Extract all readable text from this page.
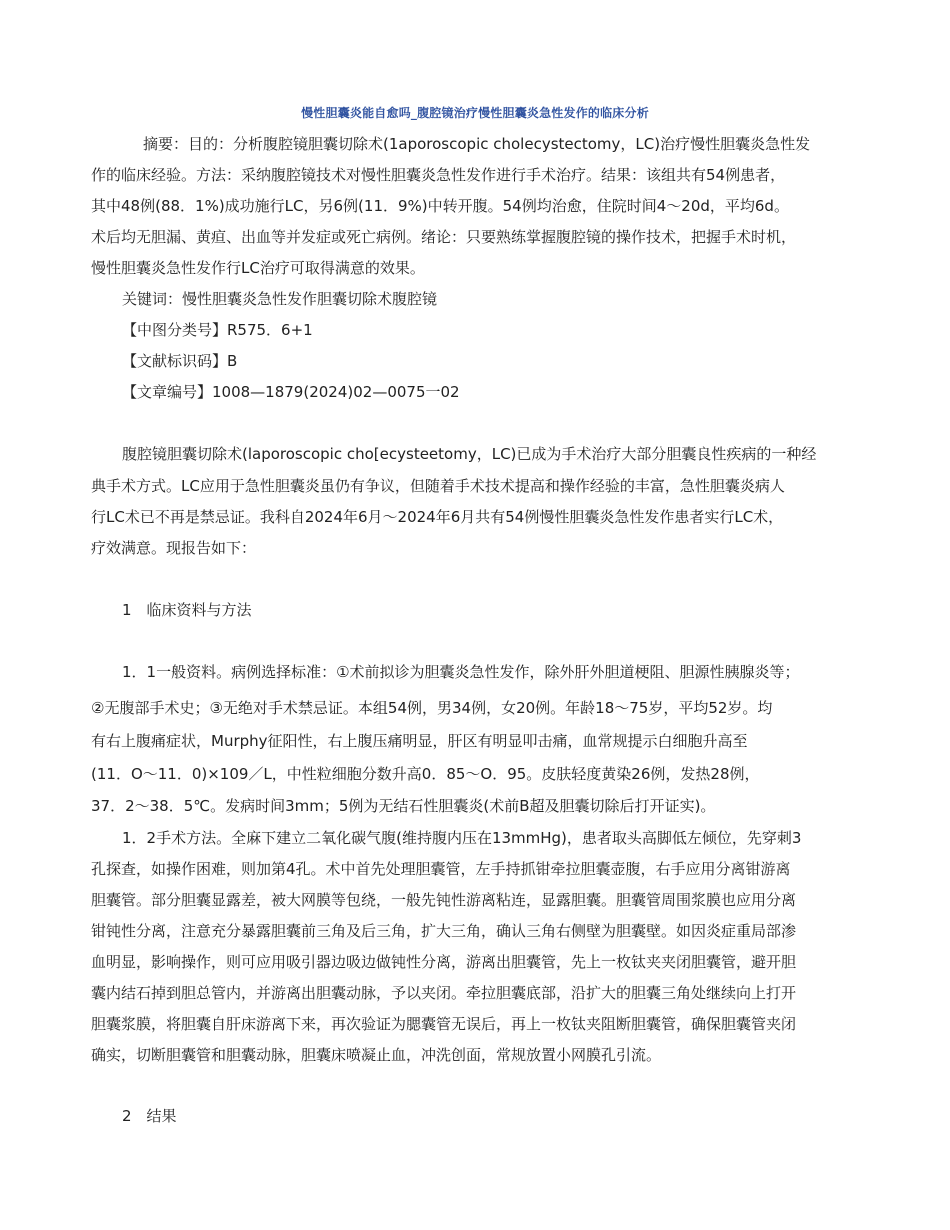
慢性胆囊炎能自愈吗_腹腔镜治疗慢性胆囊炎急性发作的临床分析
摘要：目的：分析腹腔镜胆囊切除术(1aporoscopic cholecystectomy，LC)治疗慢性胆囊炎急性发
作的临床经验。方法：采纳腹腔镜技术对慢性胆囊炎急性发作进行手术治疗。结果：该组共有54例患者，
其中48例(88．1%)成功施行LC，另6例(11．9%)中转开腹。54例均治愈，住院时间4～20d，平均6d。
术后均无胆漏、黄疸、出血等并发症或死亡病例。绪论：只要熟练掌握腹腔镜的操作技术，把握手术时机，
慢性胆囊炎急性发作行LC治疗可取得满意的效果。
关键词：慢性胆囊炎急性发作胆囊切除术腹腔镜
【中图分类号】R575．6+1
【文献标识码】B
【文章编号】1008—1879(2024)02—0075一02
腹腔镜胆囊切除术(laporoscopic cho[ecysteetomy，LC)已成为手术治疗大部分胆囊良性疾病的一种经
典手术方式。LC应用于急性胆囊炎虽仍有争议，但随着手术技术提高和操作经验的丰富，急性胆囊炎病人
行LC术已不再是禁忌证。我科自2024年6月～2024年6月共有54例慢性胆囊炎急性发作患者实行LC术，
疗效满意。现报告如下：
1　临床资料与方法
1．1一般资料。病例选择标准：①术前拟诊为胆囊炎急性发作，除外肝外胆道梗阻、胆源性胰腺炎等；
②无腹部手术史；③无绝对手术禁忌证。本组54例，男34例，女20例。年龄18～75岁，平均52岁。均
有右上腹痛症状，Murphy征阳性，右上腹压痛明显，肝区有明显叩击痛，血常规提示白细胞升高至
(11．O～11．0)×109／L，中性粒细胞分数升高0．85～O．95。皮肤轻度黄染26例，发热28例，
37．2～38．5℃。发病时间3mm；5例为无结石性胆囊炎(术前B超及胆囊切除后打开证实)。
1．2手术方法。全麻下建立二氧化碳气腹(维持腹内压在13mmHg)，患者取头高脚低左倾位，先穿刺3
孔探查，如操作困难，则加第4孔。术中首先处理胆囊管，左手持抓钳牵拉胆囊壶腹，右手应用分离钳游离
胆囊管。部分胆囊显露差，被大网膜等包绕，一般先钝性游离粘连，显露胆囊。胆囊管周围浆膜也应用分离
钳钝性分离，注意充分暴露胆囊前三角及后三角，扩大三角，确认三角右侧壁为胆囊壁。如因炎症重局部渗
血明显，影响操作，则可应用吸引器边吸边做钝性分离，游离出胆囊管，先上一枚钛夹夹闭胆囊管，避开胆
囊内结石掉到胆总管内，并游离出胆囊动脉，予以夹闭。牵拉胆囊底部，沿扩大的胆囊三角处继续向上打开
胆囊浆膜，将胆囊自肝床游离下来，再次验证为腮囊管无误后，再上一枚钛夹阻断胆囊管，确保胆囊管夹闭
确实，切断胆囊管和胆囊动脉，胆囊床喷凝止血，冲洗创面，常规放置小网膜孔引流。
2　结果
